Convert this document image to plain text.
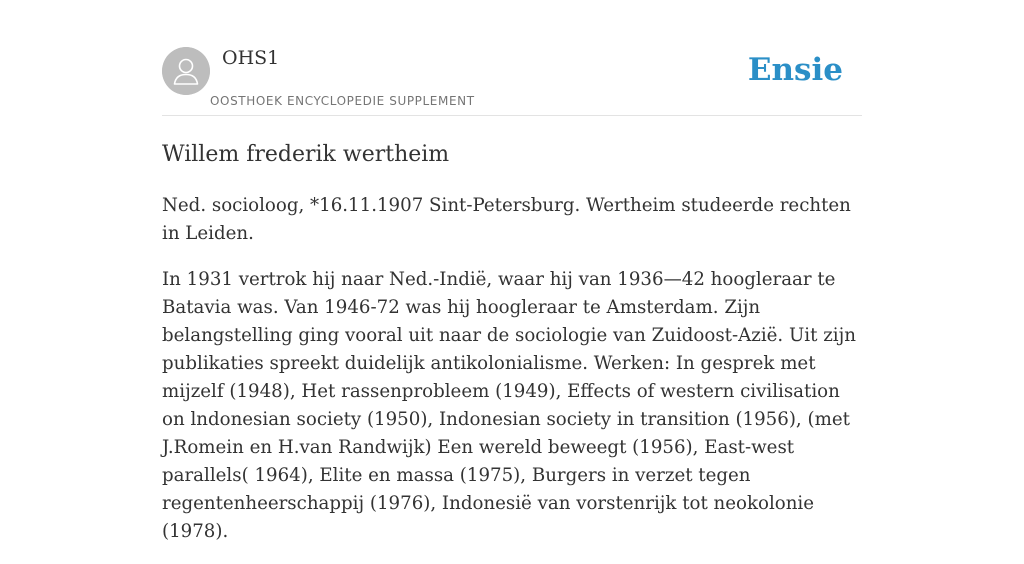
OHS1
OOSTHOEK ENCYCLOPEDIE SUPPLEMENT
Ensie
Willem frederik wertheim

Ned. socioloog, *16.11.1907 Sint-Petersburg. Wertheim studeerde rechten in Leiden.

In 1931 vertrok hij naar Ned.-Indië, waar hij van 1936—42 hoogleraar te Batavia was. Van 1946-72 was hij hoogleraar te Amsterdam. Zijn belangstelling ging vooral uit naar de sociologie van Zuidoost-Azië. Uit zijn publikaties spreekt duidelijk antikolonialisme. Werken: In gesprek met mijzelf (1948), Het rassenprobleem (1949), Effects of western civilisation on lndonesian society (1950), Indonesian society in transition (1956), (met J.Romein en H.van Randwijk) Een wereld beweegt (1956), East-west parallels( 1964), Elite en massa (1975), Burgers in verzet tegen regentenheerschappij (1976), Indonesië van vorstenrijk tot neokolonie (1978).
